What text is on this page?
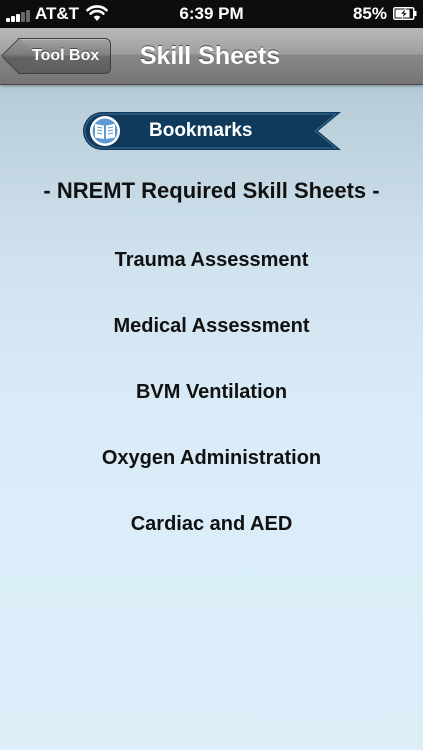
AT&T	6:39 PM	85%
Tool Box	Skill Sheets
Bookmarks
- NREMT Required Skill Sheets -
Trauma Assessment
Medical Assessment
BVM Ventilation
Oxygen Administration
Cardiac and AED
